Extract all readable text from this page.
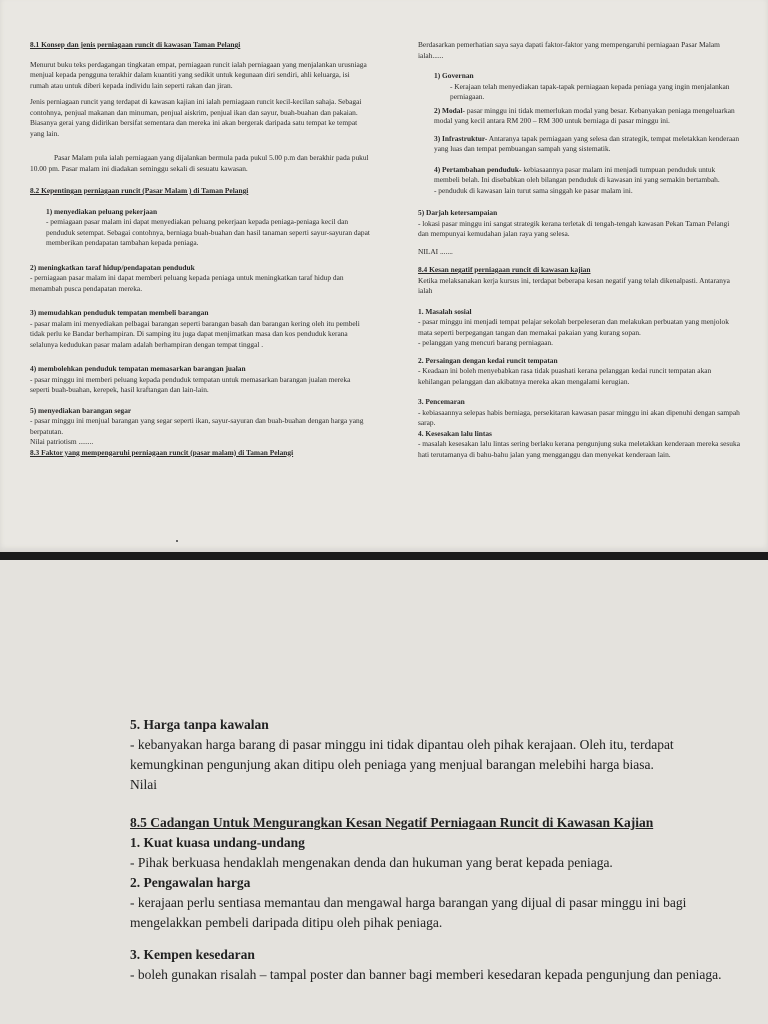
8.1 Konsep dan jenis perniagaan runcit di kawasan Taman Pelangi
Menurut buku teks perdagangan tingkatan empat, perniagaan runcit ialah perniagaan yang menjalankan urusniaga menjual kepada pengguna terakhir dalam kuantiti yang sedikit untuk kegunaan diri sendiri, ahli keluarga, isi rumah atau untuk diberi kepada individu lain seperti rakan dan jiran.
Jenis perniagaan runcit yang terdapat di kawasan kajian ini ialah perniagaan runcit kecil-kecilan sahaja. Sebagai contohnya, penjual makanan dan minuman, penjual aiskrim, penjual ikan dan sayur, buah-buahan dan pakaian. Biasanya gerai yang didirikan bersifat sementara dan mereka ini akan bergerak daripada satu tempat ke tempat yang lain.
Pasar Malam pula ialah perniagaan yang dijalankan bermula pada pukul 5.00 p.m dan berakhir pada pukul 10.00 pm. Pasar malam ini diadakan seminggu sekali di sesuatu kawasan.
8.2 Kepentingan perniagaan runcit (Pasar Malam ) di Taman Pelangi
1) menyediakan peluang pekerjaan
- pemiagaan pasar malam ini dapat menyediakan peluang pekerjaan kepada peniaga-peniaga kecil dan penduduk setempat. Sebagai contohnya, berniaga buah-buahan dan hasil tanaman seperti sayur-sayuran dapat memberikan pendapatan tambahan kepada peniaga.
2) meningkatkan taraf hidup/pendapatan penduduk
- perniagaan pasar malam ini dapat memberi peluang kepada peniaga untuk meningkatkan taraf hidup dan menambah pusca pendapatan mereka.
3) memudahkan penduduk tempatan membeli barangan
- pasar malam ini menyediakan pelbagai barangan seperti barangan basah dan barangan kering oleh itu pembeli tidak perlu ke Bandar berhampiran. Di samping itu juga dapat menjimatkan masa dan kos penduduk kerana selalunya kedudukan pasar malam adalah berhampiran dengan tempat tinggal .
4) membolehkan penduduk tempatan memasarkan barangan jualan
- pasar minggu ini memberi peluang kepada penduduk tempatan untuk memasarkan barangan jualan mereka seperti buah-buahan, kerepek, hasil kraftangan dan lain-lain.
5) menyediakan barangan segar
- pasar minggu ini menjual barangan yang segar seperti ikan, sayur-sayuran dan buah-buahan dengan harga yang berpatutan.
Nilai patriotism ........
8.3 Faktor yang mempengaruhi perniagaan runcit (pasar malam) di Taman Pelangi
Berdasarkan pemerhatian saya saya dapati faktor-faktor yang mempengaruhi perniagaan Pasar Malam ialah......
1) Governan
- Kerajaan telah menyediakan tapak-tapak perniagaan kepada peniaga yang ingin menjalankan perniagaan.
2) Modal- pasar minggu ini tidak memerlukan modal yang besar. Kebanyakan peniaga mengeluarkan modal yang kecil antara RM 200 – RM 300 untuk berniaga di pasar minggu ini.
3) Infrastruktur- Antaranya tapak perniagaan yang selesa dan strategik, tempat meletakkan kenderaan yang luas dan tempat pembuangan sampah yang sistematik.
4) Pertambahan penduduk- kebiasaannya pasar malam ini menjadi tumpuan penduduk untuk membeli belah. Ini disebabkan oleh bilangan penduduk di kawasan ini yang semakin bertambah.
- penduduk di kawasan lain turut sama singgah ke pasar malam ini.
5) Darjah ketersampaian
- lokasi pasar minggu ini sangat strategik kerana terletak di tengah-tengah kawasan Pekan Taman Pelangi dan mempunyai kemudahan jalan raya yang selesa.
NILAI .......
8.4 Kesan negatif perniagaan runcit di kawasan kajian
Ketika melaksanakan kerja kursus ini, terdapat beberapa kesan negatif yang telah dikenalpasti. Antaranya ialah
1. Masalah sosial
- pasar minggu ini menjadi tempat pelajar sekolah berpeleseran dan melakukan perbuatan yang menjolok mata seperti berpegangan tangan dan memakai pakaian yang kurang sopan.
- pelanggan yang mencuri barang perniagaan.
2. Persaingan dengan kedai runcit tempatan
- Keadaan ini boleh menyebabkan rasa tidak puashati kerana pelanggan kedai runcit tempatan akan kehilangan pelanggan dan akibatnya mereka akan mengalami kerugian.
3. Pencemaran
- kebiasaannya selepas habis berniaga, persekitaran kawasan pasar minggu ini akan dipenuhi dengan sampah sarap.
4. Kesesakan lalu lintas
- masalah kesesakan lalu lintas sering berlaku kerana pengunjung suka meletakkan kenderaan mereka sesuka hati terutamanya di bahu-bahu jalan yang mengganggu dan menyekat kenderaan lain.
5. Harga tanpa kawalan
- kebanyakan harga barang di pasar minggu ini tidak dipantau oleh pihak kerajaan. Oleh itu, terdapat kemungkinan pengunjung akan ditipu oleh peniaga yang menjual barangan melebihi harga biasa.
Nilai
8.5 Cadangan Untuk Mengurangkan Kesan Negatif Perniagaan Runcit di Kawasan Kajian
1. Kuat kuasa undang-undang
- Pihak berkuasa hendaklah mengenakan denda dan hukuman yang berat kepada peniaga.
2. Pengawalan harga
- kerajaan perlu sentiasa memantau dan mengawal harga barangan yang dijual di pasar minggu ini bagi mengelakkan pembeli daripada ditipu oleh pihak peniaga.
3. Kempen kesedaran
- boleh gunakan risalah – tampal poster dan banner bagi memberi kesedaran kepada pengunjung dan peniaga.
